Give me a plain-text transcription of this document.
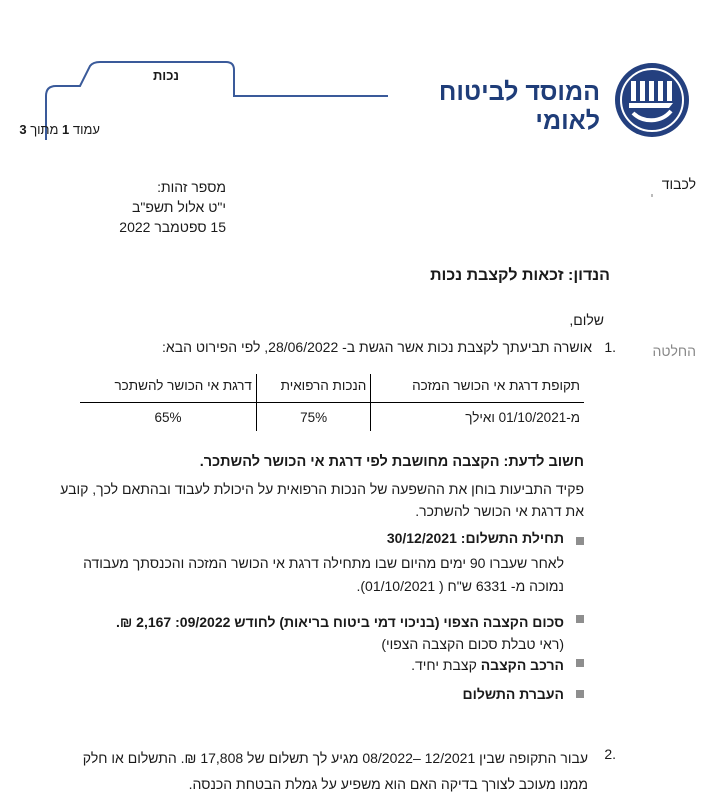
המוסד לביטוח לאומי
נכות
עמוד 1 מתוך 3
לכבוד
מספר זהות:
י"ט אלול תשפ"ב
15 ספטמבר 2022
הנדון: זכאות לקצבת נכות
שלום,
החלטה
1.
אושרה תביעתך לקצבת נכות אשר הגשת ב- 28/06/2022, לפי הפירוט הבא:
תקופת דרגת אי הכושר המזכה	הנכות הרפואית	דרגת אי הכושר להשתכר
מ-01/10/2021 ואילך	75%	65%
חשוב לדעת: הקצבה מחושבת לפי דרגת אי הכושר להשתכר.
פקיד התביעות בוחן את ההשפעה של הנכות הרפואית על היכולת לעבוד ובהתאם לכך, קובע את דרגת אי הכושר להשתכר.
תחילת התשלום: 30/12/2021
לאחר שעברו 90 ימים מהיום שבו מתחילה דרגת אי הכושר המזכה והכנסתך מעבודה נמוכה מ- 6331 ש"ח ( 01/10/2021).
סכום הקצבה הצפוי (בניכוי דמי ביטוח בריאות) לחודש 09/2022: 2,167 ₪.
(ראי טבלת סכום הקצבה הצפוי)
הרכב הקצבה קצבת יחיד.
העברת התשלום
2.
עבור התקופה שבין 12/2021 –08/2022 מגיע לך תשלום של 17,808 ₪. התשלום או חלק ממנו מעוכב לצורך בדיקה האם הוא משפיע על גמלת הבטחת הכנסה.
